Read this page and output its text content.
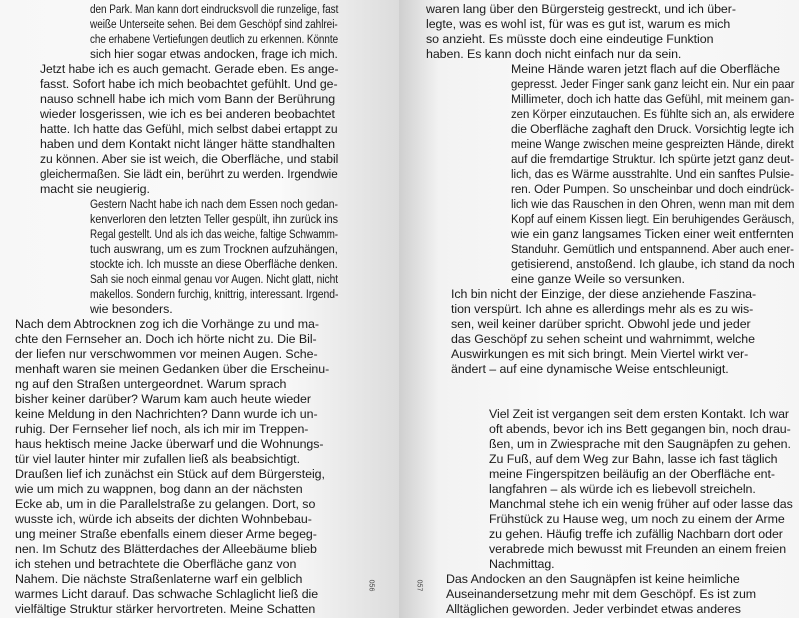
den Park. Man kann dort eindrucksvoll die runzelige, fast

weiße Unterseite sehen. Bei dem Geschöpf sind zahlrei-

che erhabene Vertiefungen deutlich zu erkennen. Könnte

sich hier sogar etwas andocken, frage ich mich.

Jetzt habe ich es auch gemacht. Gerade eben. Es ange-

fasst. Sofort habe ich mich beobachtet gefühlt. Und ge-

nauso schnell habe ich mich vom Bann der Berührung

wieder losgerissen, wie ich es bei anderen beobachtet

hatte. Ich hatte das Gefühl, mich selbst dabei ertappt zu

haben und dem Kontakt nicht länger hätte standhalten

zu können. Aber sie ist weich, die Oberfläche, und stabil

gleichermaßen. Sie lädt ein, berührt zu werden. Irgendwie

macht sie neugierig.

Gestern Nacht habe ich nach dem Essen noch gedan-

kenverloren den letzten Teller gespült, ihn zurück ins

Regal gestellt. Und als ich das weiche, faltige Schwamm-

tuch auswrang, um es zum Trocknen aufzuhängen,

stockte ich. Ich musste an diese Oberfläche denken.

Sah sie noch einmal genau vor Augen. Nicht glatt, nicht

makellos. Sondern furchig, knittrig, interessant. Irgend-

wie besonders.

Nach dem Abtrocknen zog ich die Vorhänge zu und ma-

chte den Fernseher an. Doch ich hörte nicht zu. Die Bil-

der liefen nur verschwommen vor meinen Augen. Sche-

menhaft waren sie meinen Gedanken über die Erscheinu-

ng auf den Straßen untergeordnet. Warum sprach

bisher keiner darüber? Warum kam auch heute wieder

keine Meldung in den Nachrichten? Dann wurde ich un-

ruhig. Der Fernseher lief noch, als ich mir im Treppen-

haus hektisch meine Jacke überwarf und die Wohnungs-

tür viel lauter hinter mir zufallen ließ als beabsichtigt.

Draußen lief ich zunächst ein Stück auf dem Bürgersteig,

wie um mich zu wappnen, bog dann an der nächsten

Ecke ab, um in die Parallelstraße zu gelangen. Dort, so

wusste ich, würde ich abseits der dichten Wohnbebau-

ung meiner Straße ebenfalls einem dieser Arme begeg-

nen. Im Schutz des Blätterdaches der Alleebäume blieb

ich stehen und betrachtete die Oberfläche ganz von

Nahem. Die nächste Straßenlaterne warf ein gelblich

warmes Licht darauf. Das schwache Schlaglicht ließ die

vielfältige Struktur stärker hervortreten. Meine Schatten

056

waren lang über den Bürgersteig gestreckt, und ich über-

legte, was es wohl ist, für was es gut ist, warum es mich

so anzieht. Es müsste doch eine eindeutige Funktion

haben. Es kann doch nicht einfach nur da sein.

Meine Hände waren jetzt flach auf die Oberfläche

gepresst. Jeder Finger sank ganz leicht ein. Nur ein paar

Millimeter, doch ich hatte das Gefühl, mit meinem gan-

zen Körper einzutauchen. Es fühlte sich an, als erwidere

die Oberfläche zaghaft den Druck. Vorsichtig legte ich

meine Wange zwischen meine gespreizten Hände, direkt

auf die fremdartige Struktur. Ich spürte jetzt ganz deut-

lich, das es Wärme ausstrahlte. Und ein sanftes Pulsie-

ren. Oder Pumpen. So unscheinbar und doch eindrück-

lich wie das Rauschen in den Ohren, wenn man mit dem

Kopf auf einem Kissen liegt. Ein beruhigendes Geräusch,

wie ein ganz langsames Ticken einer weit entfernten

Standuhr. Gemütlich und entspannend. Aber auch ener-

getisierend, anstoßend. Ich glaube, ich stand da noch

eine ganze Weile so versunken.

Ich bin nicht der Einzige, der diese anziehende Faszina-

tion verspürt. Ich ahne es allerdings mehr als es zu wis-

sen, weil keiner darüber spricht. Obwohl jede und jeder

das Geschöpf zu sehen scheint und wahrnimmt, welche

Auswirkungen es mit sich bringt. Mein Viertel wirkt ver-

ändert – auf eine dynamische Weise entschleunigt.

Viel Zeit ist vergangen seit dem ersten Kontakt. Ich war

oft abends, bevor ich ins Bett gegangen bin, noch drau-

ßen, um in Zwiesprache mit den Saugnäpfen zu gehen.

Zu Fuß, auf dem Weg zur Bahn, lasse ich fast täglich

meine Fingerspitzen beiläufig an der Oberfläche ent-

langfahren – als würde ich es liebevoll streicheln.

Manchmal stehe ich ein wenig früher auf oder lasse das

Frühstück zu Hause weg, um noch zu einem der Arme

zu gehen. Häufig treffe ich zufällig Nachbarn dort oder

verabrede mich bewusst mit Freunden an einem freien

Nachmittag.

Das Andocken an den Saugnäpfen ist keine heimliche

Auseinandersetzung mehr mit dem Geschöpf. Es ist zum

Alltäglichen geworden. Jeder verbindet etwas anderes

057
